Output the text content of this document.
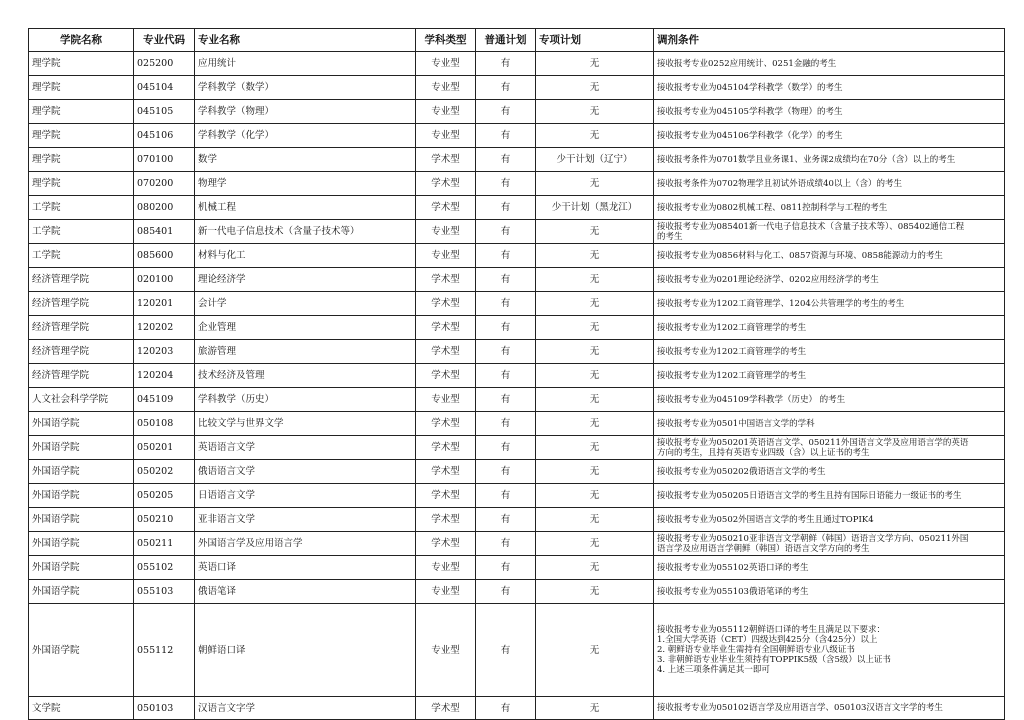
学院名称	专业代码	专业名称	学科类型	普通计划	专项计划	调剂条件
理学院	025200	应用统计	专业型	有	无	接收报考专业0252应用统计、0251金融的考生

理学院	045104	学科教学（数学）	专业型	有	无	接收报考专业为045104学科教学（数学）的考生

理学院	045105	学科教学（物理）	专业型	有	无	接收报考专业为045105学科教学（物理）的考生

理学院	045106	学科教学（化学）	专业型	有	无	接收报考专业为045106学科教学（化学）的考生

理学院	070100	数学	学术型	有	少干计划（辽宁）	接收报考条件为0701数学且业务课1、业务课2成绩均在70分（含）以上的考生

理学院	070200	物理学	学术型	有	无	接收报考条件为0702物理学且初试外语成绩40以上（含）的考生

工学院	080200	机械工程	学术型	有	少干计划（黑龙江）	接收报考专业为0802机械工程、0811控制科学与工程的考生

工学院	085401	新一代电子信息技术（含量子技术等）	专业型	有	无	接收报考专业为085401新一代电子信息技术（含量子技术等）、085402通信工程
的考生

工学院	085600	材料与化工	专业型	有	无	接收报考专业为0856材料与化工、0857资源与环境、0858能源动力的考生

经济管理学院	020100	理论经济学	学术型	有	无	接收报考专业为0201理论经济学、0202应用经济学的考生

经济管理学院	120201	会计学	学术型	有	无	接收报考专业为1202工商管理学、1204公共管理学的考生的考生

经济管理学院	120202	企业管理	学术型	有	无	接收报考专业为1202工商管理学的考生

经济管理学院	120203	旅游管理	学术型	有	无	接收报考专业为1202工商管理学的考生

经济管理学院	120204	技术经济及管理	学术型	有	无	接收报考专业为1202工商管理学的考生

人文社会科学学院	045109	学科教学（历史）	专业型	有	无	接收报考专业为045109学科教学（历史） 的考生

外国语学院	050108	比较文学与世界文学	学术型	有	无	接收报考专业为0501中国语言文学的学科

外国语学院	050201	英语语言文学	学术型	有	无	接收报考专业为050201英语语言文学、050211外国语言文学及应用语言学的英语
方向的考生，且持有英语专业四级（含）以上证书的考生

外国语学院	050202	俄语语言文学	学术型	有	无	接收报考专业为050202俄语语言文学的考生

外国语学院	050205	日语语言文学	学术型	有	无	接收报考专业为050205日语语言文学的考生且持有国际日语能力一级证书的考生

外国语学院	050210	亚非语言文学	学术型	有	无	接收报考专业为0502外国语言文学的考生且通过TOPIK4

外国语学院	050211	外国语言学及应用语言学	学术型	有	无	接收报考专业为050210亚非语言文学朝鲜（韩国）语语言文学方向、050211外国
语言学及应用语言学朝鲜（韩国）语语言文学方向的考生

外国语学院	055102	英语口译	专业型	有	无	接收报考专业为055102英语口译的考生

外国语学院	055103	俄语笔译	专业型	有	无	接收报考专业为055103俄语笔译的考生

外国语学院	055112	朝鲜语口译	专业型	有	无	接收报考专业为055112朝鲜语口译的考生且满足以下要求：
1.全国大学英语（CET）四级达到425分（含425分）以上
2. 朝鲜语专业毕业生需持有全国朝鲜语专业八级证书
3. 非朝鲜语专业毕业生须持有TOPPIK5级（含5级）以上证书
4. 上述三项条件满足其一即可

文学院	050103	汉语言文字学	学术型	有	无	接收报考专业为050102语言学及应用语言学、050103汉语言文字学的考生
